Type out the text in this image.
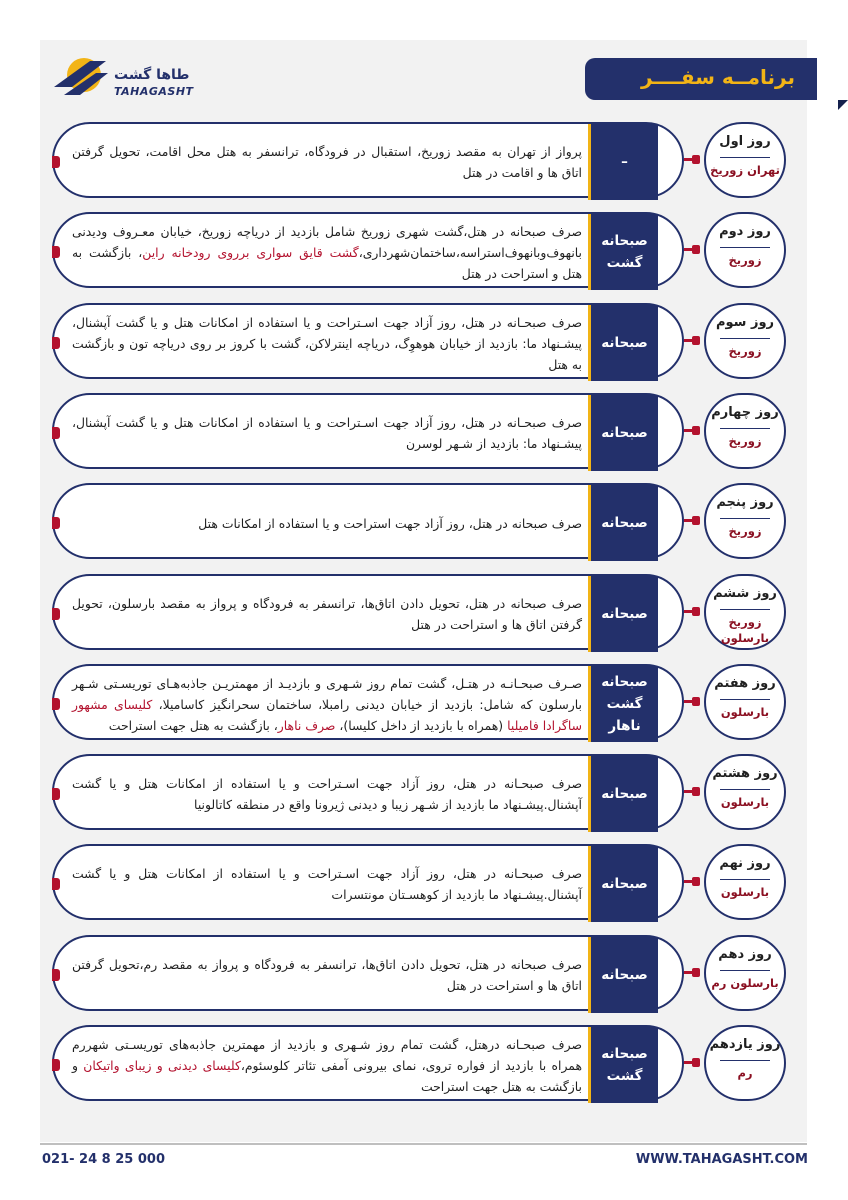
طاها گشت
TAHAGASHT
برنامــه سفــــر

پرواز از تهران به مقصد زوریخ، استقبال در فرودگاه، ترانسفر به هتل محل اقامت، تحویل گرفتن اتاق ها و اقامت در هتل

–
روز اول
تهران زوریخ

صرف صبحانه در هتل،گشت شهری زوریخ شامل بازدید از دریاچه زوریخ، خیابان معـروف ودیدنی بانهوف‌وبانهوف‌استراسه،ساختمان‌شهرداری،گشت قایق سواری برروی رودخانه راین، بازگشت به هتل و استراحت در هتل

صبحانه
گشت
روز دوم
زوریخ

صرف صبحـانه در هتل، روز آزاد جهت اسـتراحت و یا استفاده از امکانات هتل و یا گشت آپشنال، پیشـنهاد ما: بازدید از خیابان هوهوِگ، دریاچه اینترلاکن، گشت با کروز بر روی دریاچه تون و بازگشت به هتل

صبحانه
روز سوم
زوریخ

صرف صبحـانه در هتل، روز آزاد جهت اسـتراحت و یا استفاده از امکانات هتل و یا گشت آپشنال، پیشـنهاد ما: بازدید از شـهر لوسرن

صبحانه
روز چهارم
زوریخ

صرف صبحانه در هتل، روز آزاد جهت استراحت و یا استفاده از امکانات هتل صبحانه
روز پنجم
زوریخ

صرف صبحانه در هتل، تحویل دادن اتاق‌ها، ترانسفر به فرودگاه و پرواز به مقصد بارسلون، تحویل گرفتن اتاق ها و استراحت در هتل

صبحانه
روز ششم
زوریخ بارسلون

صـرف صبحـانـه در هتـل، گشت تمام روز شـهری و بازدیـد از مهمتریـن جاذبه‌هـای توریسـتی شـهر بارسلون که شامل: بازدید از خیابان دیدنی رامبلا، ساختمان سحرانگیز کاسامیلا، کلیسای مشهور ساگرادا فامیلیا (همراه با بازدید از داخل کلیسا)، صرف ناهار، بازگشت به هتل جهت استراحت

صبحانه
گشت
ناهار
روز هفتم
بارسلون

صرف صبحـانه در هتل، روز آزاد جهت اسـتراحت و یا استفاده از امکانات هتل و یا گشت آپشنال.پیشـنهاد ما بازدید از شـهر زیبا و دیدنی ژیرونا واقع در منطقه کاتالونیا

صبحانه
روز هشتم
بارسلون

صرف صبحـانه در هتل، روز آزاد جهت اسـتراحت و یا استفاده از امکانات هتل و یا گشت آپشنال.پیشـنهاد ما بازدید از کوهسـتان مونتسرات

صبحانه
روز نهم
بارسلون

صرف صبحانه در هتل، تحویل دادن اتاق‌ها، ترانسفر به فرودگاه و پرواز به مقصد رم،تحویل گرفتن اتاق ها و استراحت در هتل

صبحانه
روز دهم
بارسلون رم

صرف صبحـانه درهتل، گشت تمام روز شـهری و بازدید از مهمترین جاذبه‌های توریسـتی شهر‌رم همراه با بازدید از فواره تروی، نمای بیرونی آمفی تئاتر کلوسئوم،کلیسای دیدنی و زیبای واتیکان و بازگشت به هتل جهت استراحت

صبحانه
گشت
روز یازدهم
رم
021- 24 8 25 000	WWW.TAHAGASHT.COM
